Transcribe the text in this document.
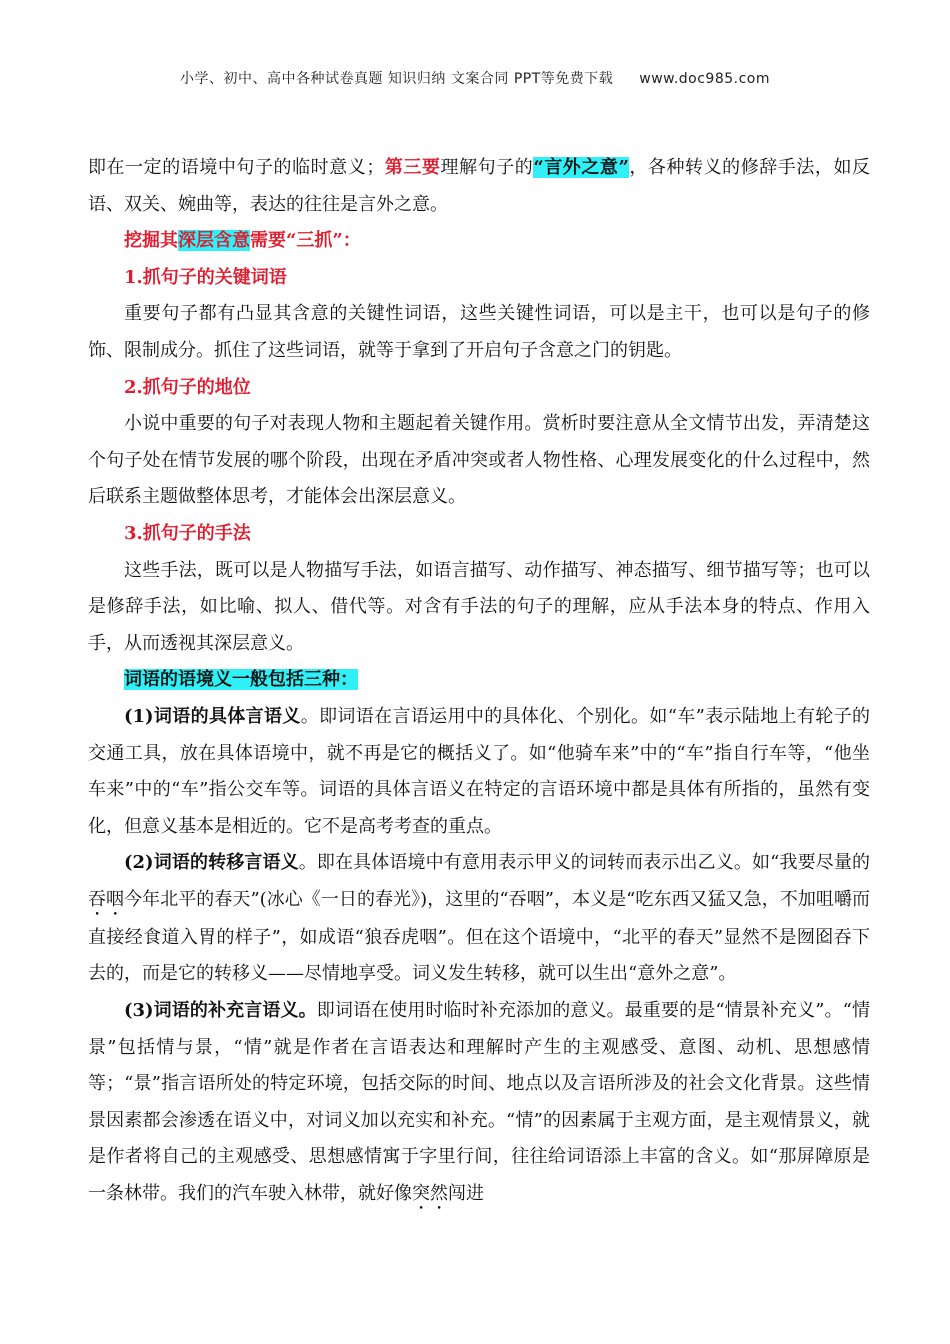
小学、初中、高中各种试卷真题 知识归纳 文案合同 PPT等免费下载 www.doc985.com

即在一定的语境中句子的临时意义；第三要理解句子的“言外之意”，各种转义的修辞手法，如反语、双关、婉曲等，表达的往往是言外之意。

挖掘其深层含意需要“三抓”：

1.抓句子的关键词语

重要句子都有凸显其含意的关键性词语，这些关键性词语，可以是主干，也可以是句子的修饰、限制成分。抓住了这些词语，就等于拿到了开启句子含意之门的钥匙。

2.抓句子的地位

小说中重要的句子对表现人物和主题起着关键作用。赏析时要注意从全文情节出发，弄清楚这个句子处在情节发展的哪个阶段，出现在矛盾冲突或者人物性格、心理发展变化的什么过程中，然后联系主题做整体思考，才能体会出深层意义。

3.抓句子的手法

这些手法，既可以是人物描写手法，如语言描写、动作描写、神态描写、细节描写等；也可以是修辞手法，如比喻、拟人、借代等。对含有手法的句子的理解，应从手法本身的特点、作用入手，从而透视其深层意义。

词语的语境义一般包括三种：

(1)词语的具体言语义。即词语在言语运用中的具体化、个别化。如“车”表示陆地上有轮子的交通工具，放在具体语境中，就不再是它的概括义了。如“他骑车来”中的“车”指自行车等，“他坐车来”中的“车”指公交车等。词语的具体言语义在特定的言语环境中都是具体有所指的，虽然有变化，但意义基本是相近的。它不是高考考查的重点。

(2)词语的转移言语义。即在具体语境中有意用表示甲义的词转而表示出乙义。如“我要尽量的吞咽今年北平的春天”(冰心《一日的春光》)，这里的“吞咽”，本义是“吃东西又猛又急，不加咀嚼而直接经食道入胃的样子”，如成语“狼吞虎咽”。但在这个语境中，“北平的春天”显然不是囫囵吞下去的，而是它的转移义——尽情地享受。词义发生转移，就可以生出“意外之意”。

(3)词语的补充言语义。即词语在使用时临时补充添加的意义。最重要的是“情景补充义”。“情景”包括情与景，“情”就是作者在言语表达和理解时产生的主观感受、意图、动机、思想感情等；“景”指言语所处的特定环境，包括交际的时间、地点以及言语所涉及的社会文化背景。这些情景因素都会渗透在语义中，对词义加以充实和补充。“情”的因素属于主观方面，是主观情景义，就是作者将自己的主观感受、思想感情寓于字里行间，往往给词语添上丰富的含义。如“那屏障原是一条林带。我们的汽车驶入林带，就好像突然闯进
